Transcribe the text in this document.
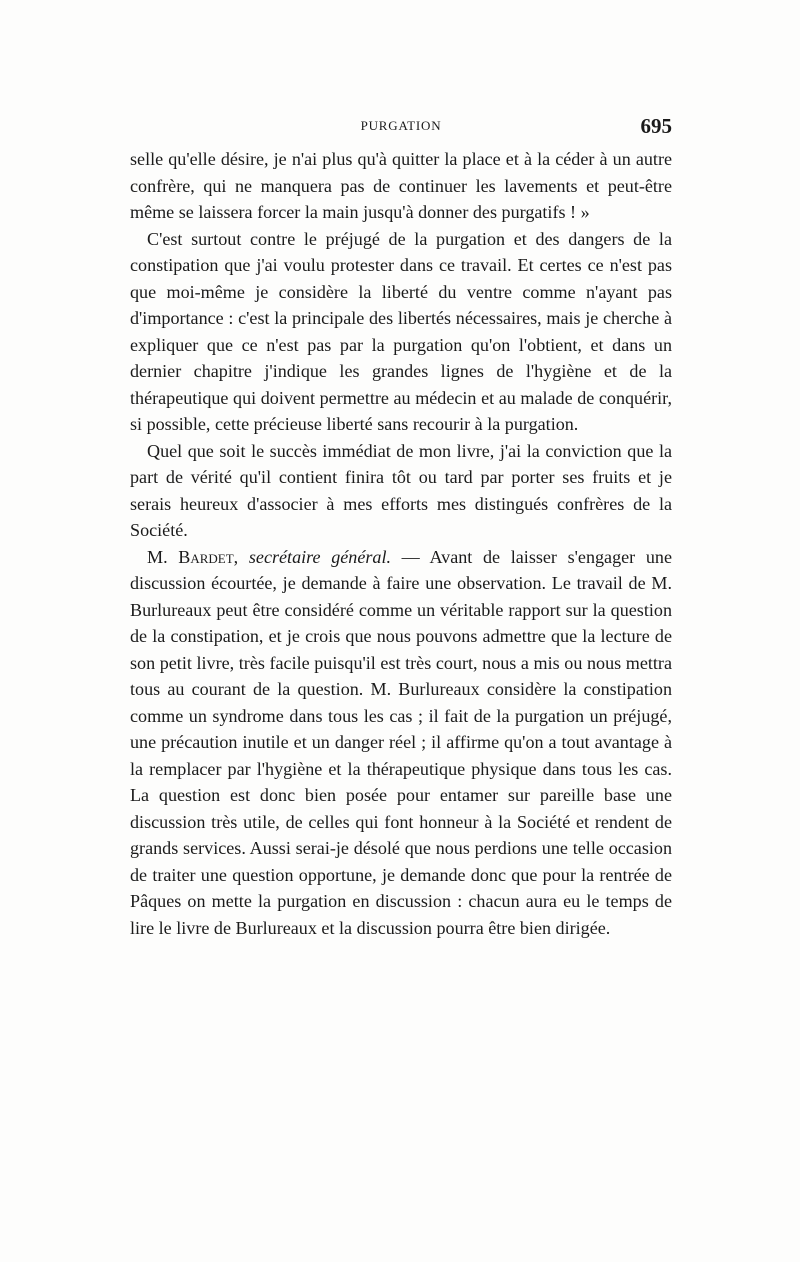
PURGATION	695

selle qu'elle désire, je n'ai plus qu'à quitter la place et à la céder à un autre confrère, qui ne manquera pas de continuer les lavements et peut-être même se laissera forcer la main jusqu'à donner des purgatifs ! »

C'est surtout contre le préjugé de la purgation et des dangers de la constipation que j'ai voulu protester dans ce travail. Et certes ce n'est pas que moi-même je considère la liberté du ventre comme n'ayant pas d'importance : c'est la principale des libertés nécessaires, mais je cherche à expliquer que ce n'est pas par la purgation qu'on l'obtient, et dans un dernier chapitre j'indique les grandes lignes de l'hygiène et de la thérapeutique qui doivent permettre au médecin et au malade de conquérir, si possible, cette précieuse liberté sans recourir à la purgation.

Quel que soit le succès immédiat de mon livre, j'ai la conviction que la part de vérité qu'il contient finira tôt ou tard par porter ses fruits et je serais heureux d'associer à mes efforts mes distingués confrères de la Société.

M. Bardet, secrétaire général. — Avant de laisser s'engager une discussion écourtée, je demande à faire une observation. Le travail de M. Burlureaux peut être considéré comme un véritable rapport sur la question de la constipation, et je crois que nous pouvons admettre que la lecture de son petit livre, très facile puisqu'il est très court, nous a mis ou nous mettra tous au courant de la question. M. Burlureaux considère la constipation comme un syndrome dans tous les cas ; il fait de la purgation un préjugé, une précaution inutile et un danger réel ; il affirme qu'on a tout avantage à la remplacer par l'hygiène et la thérapeutique physique dans tous les cas. La question est donc bien posée pour entamer sur pareille base une discussion très utile, de celles qui font honneur à la Société et rendent de grands services. Aussi serai-je désolé que nous perdions une telle occasion de traiter une question opportune, je demande donc que pour la rentrée de Pâques on mette la purgation en discussion : chacun aura eu le temps de lire le livre de Burlureaux et la discussion pourra être bien dirigée.
